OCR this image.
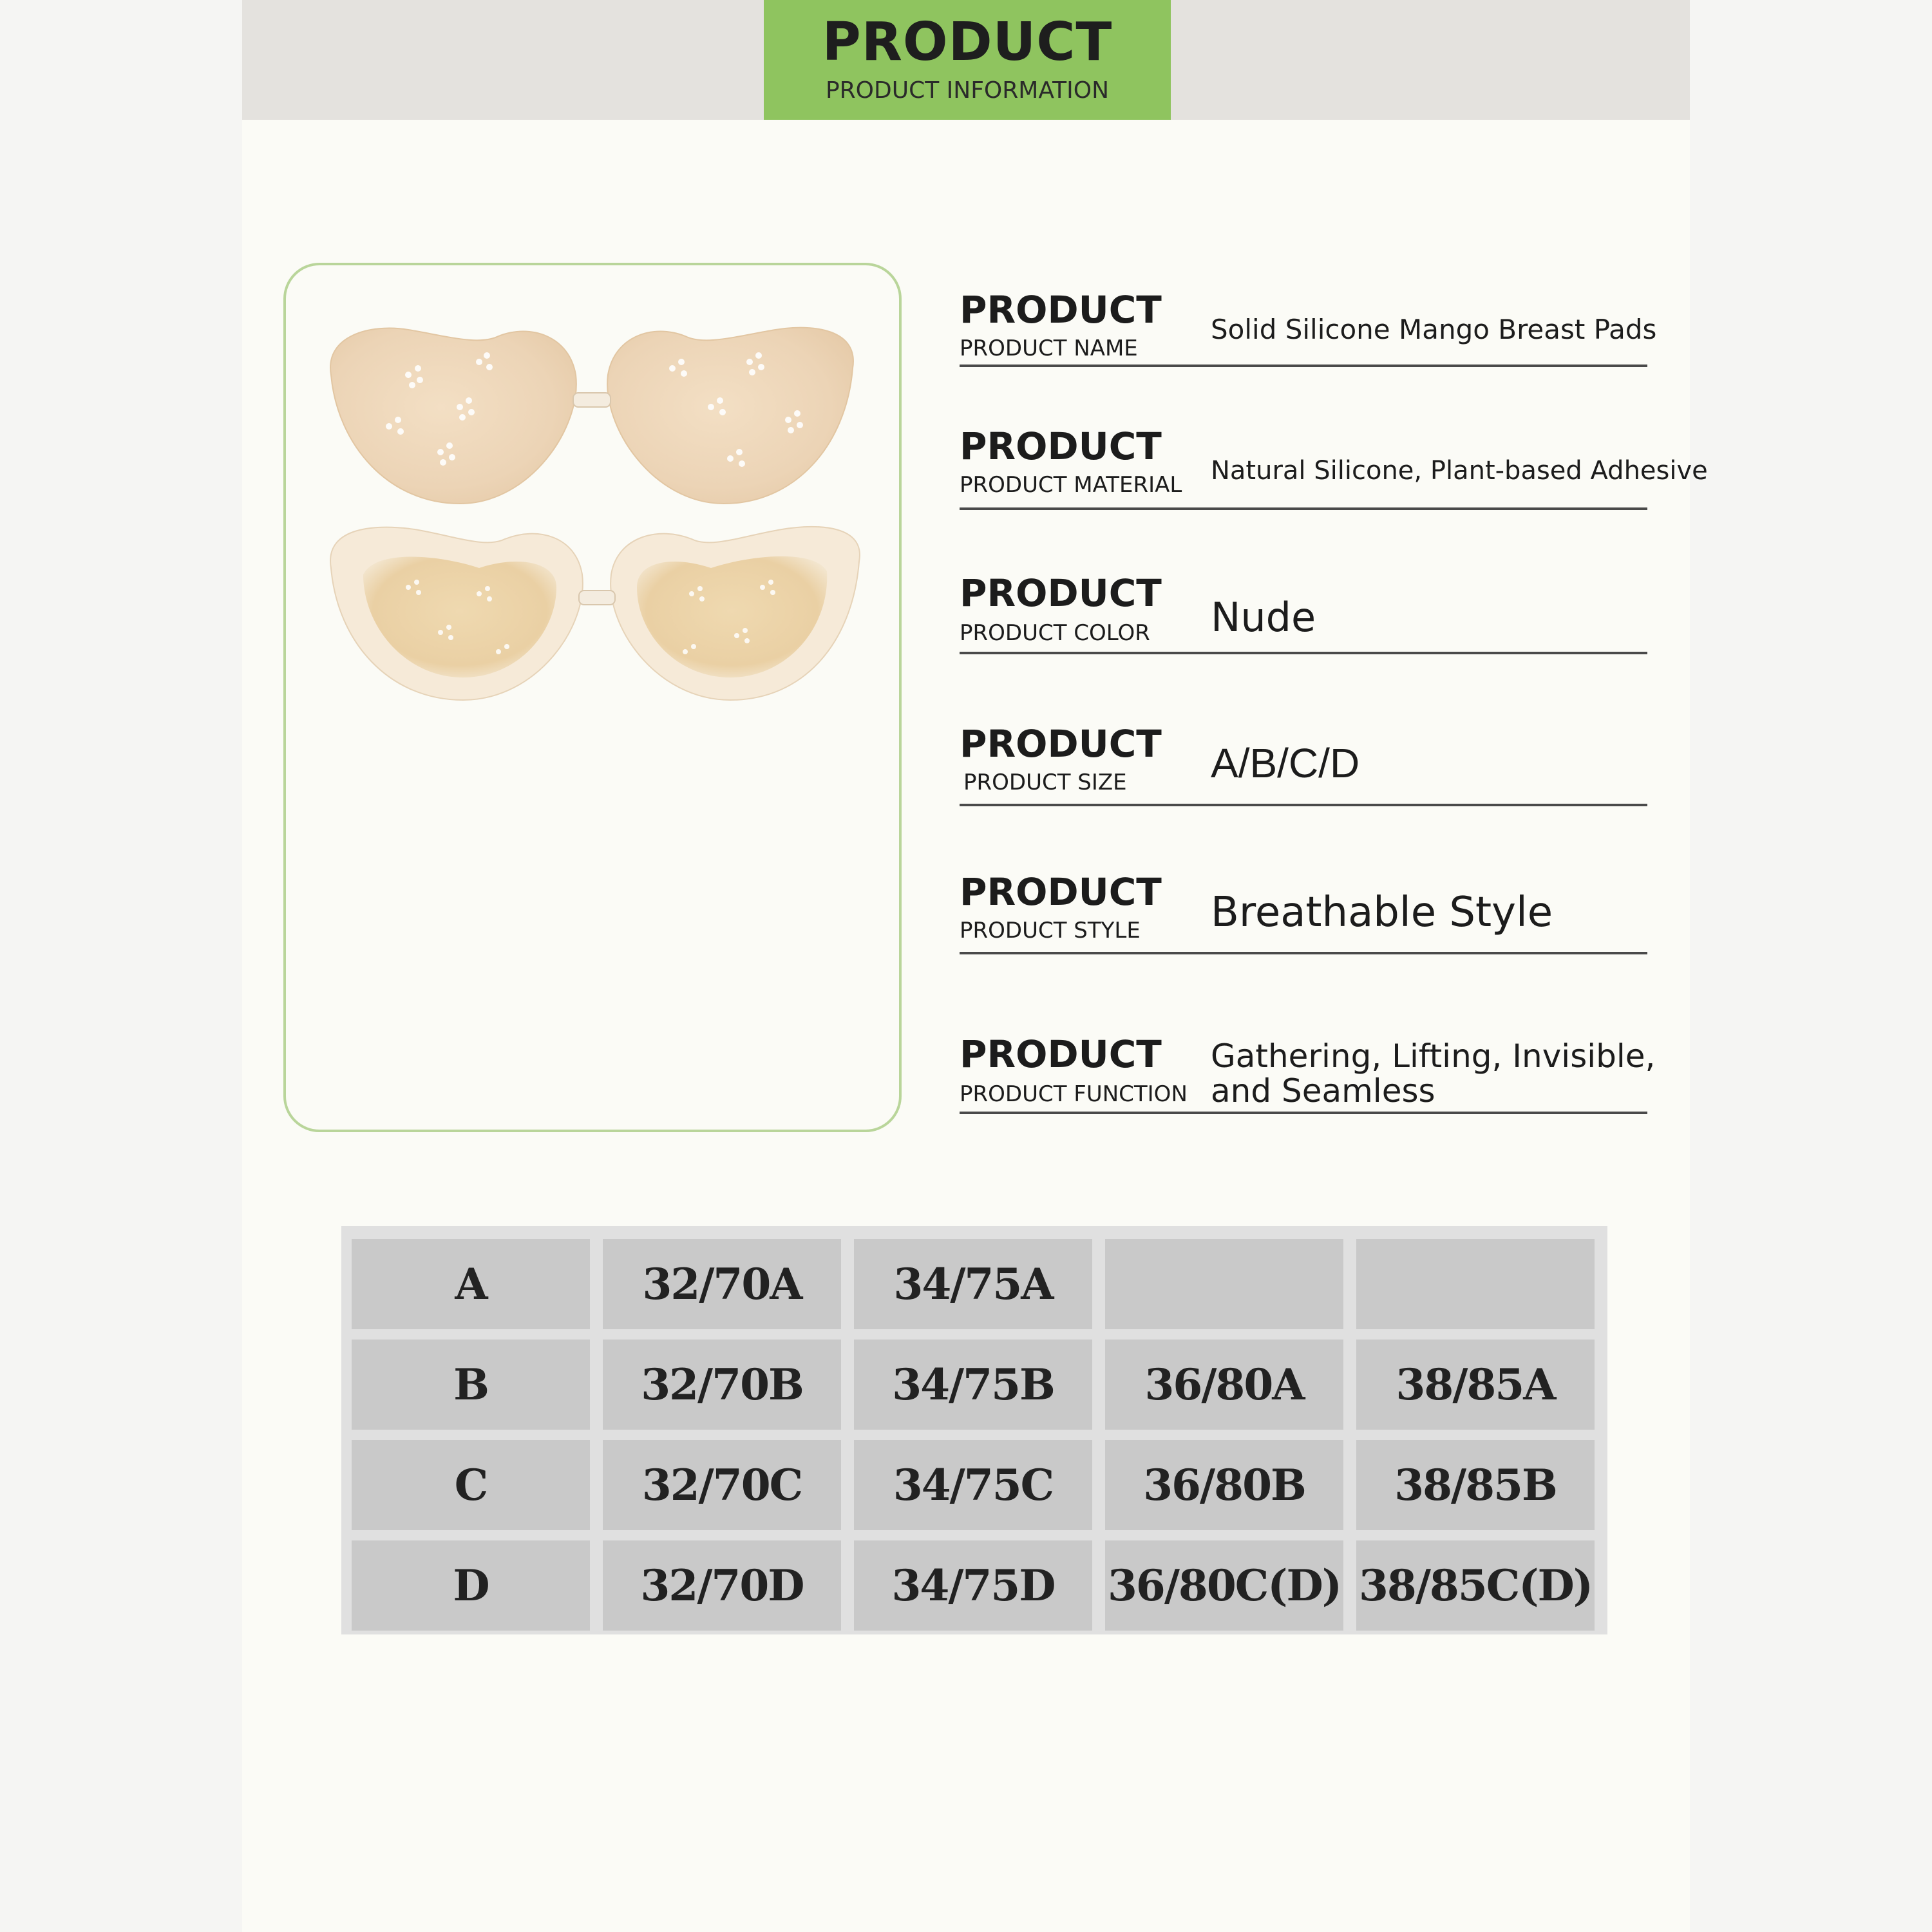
PRODUCT
PRODUCT INFORMATION
PRODUCT
PRODUCT NAME
Solid Silicone Mango Breast Pads
PRODUCT
PRODUCT MATERIAL Natural Silicone, Plant-based Adhesive
PRODUCT
PRODUCT COLOR Nude
PRODUCT
PRODUCT SIZE A/B/C/D
PRODUCT
PRODUCT STYLE Breathable Style
PRODUCT
PRODUCT FUNCTION
Gathering, Lifting, Invisible,
and Seamless
A	32/70A	34/75A
B	32/70B	34/75B	36/80A	38/85A
C	32/70C	34/75C	36/80B	38/85B
D	32/70D	34/75D	36/80C(D) 38/85C(D)
